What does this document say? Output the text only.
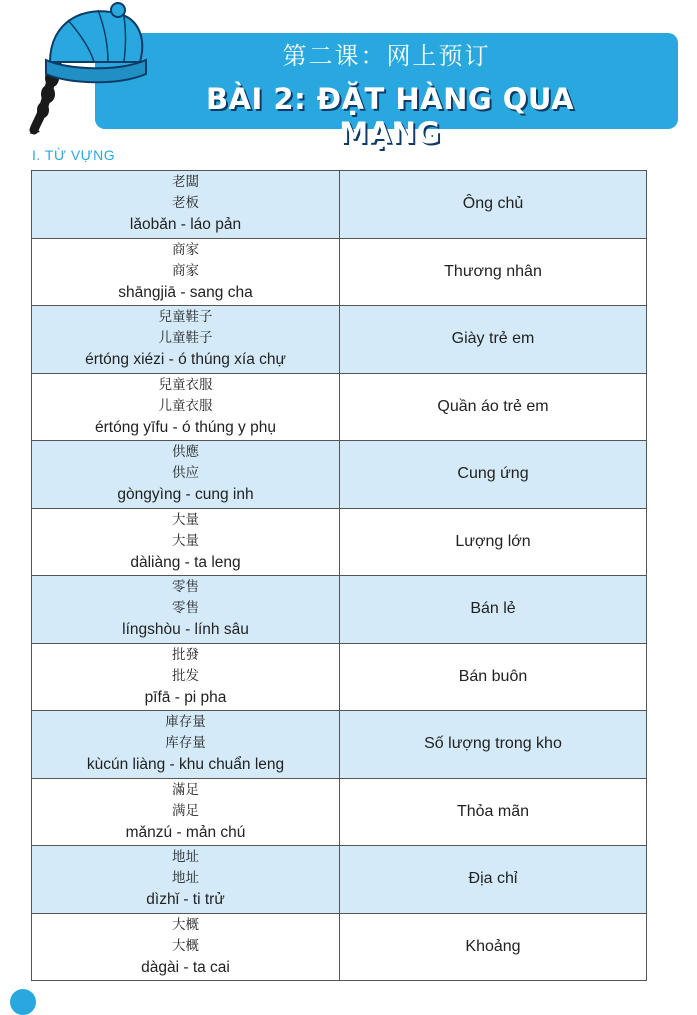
第二课：网上预订
BÀI 2: ĐẶT HÀNG QUA MẠNG
I. TỪ VỰNG
老闆
老板
lǎobǎn - láo pản	Ông chủ

商家
商家
shāngjiā - sang cha	Thương nhân

兒童鞋子
儿童鞋子
értóng xiézi - ó thúng xía chự	Giày trẻ em

兒童衣服
儿童衣服
értóng yīfu - ó thúng y phụ	Quần áo trẻ em

供應
供应
gòngyìng - cung inh	Cung ứng

大量
大量
dàliàng - ta leng	Lượng lớn

零售
零售
língshòu - lính sâu	Bán lẻ

批發
批发
pīfā - pi pha	Bán buôn

庫存量
库存量
kùcún liàng - khu chuẩn leng	Số lượng trong kho

滿足
满足
mǎnzú - mản chú	Thỏa mãn

地址
地址
dìzhǐ - ti trử	Địa chỉ

大概
大概
dàgài - ta cai	Khoảng
